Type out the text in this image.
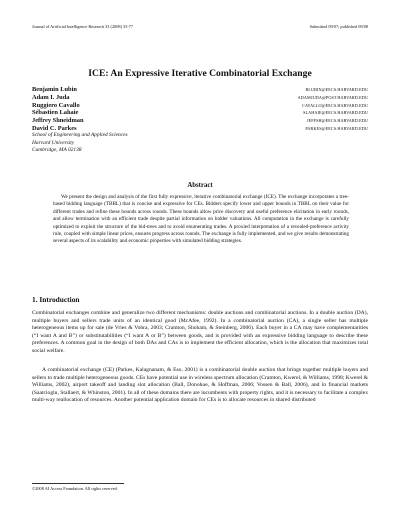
Journal of Artificial Intelligence Research 33 (2008) 33-77	Submitted 09/07; published 09/08
ICE: An Expressive Iterative Combinatorial Exchange
Benjamin Lubin	BLUBIN@EECS.HARVARD.EDU
Adam I. Juda	ADAMJUDA@POST.HARVARD.EDU
Ruggiero Cavallo	CAVALLO@EECS.HARVARD.EDU
Sébastien Lahaie	SLAHAIE@EECS.HARVARD.EDU
Jeffrey Shneidman	JEFFSH@EECS.HARVARD.EDU
David C. Parkes	PARKES@EECS.HARVARD.EDU
School of Engineering and Applied Sciences
Harvard University
Cambridge, MA 02138
Abstract
We present the design and analysis of the first fully expressive, iterative combinatorial exchange (ICE). The exchange incorporates a tree-based bidding language (TBBL) that is concise and expressive for CEs. Bidders specify lower and upper bounds in TBBL on their value for different trades and refine these bounds across rounds. These bounds allow price discovery and useful preference elicitation in early rounds, and allow termination with an efficient trade despite partial information on bidder valuations. All computation in the exchange is carefully optimized to exploit the structure of the bid-trees and to avoid enumerating trades. A proxied interpretation of a revealed-preference activity rule, coupled with simple linear prices, ensures progress across rounds. The exchange is fully implemented, and we give results demonstrating several aspects of its scalability and economic properties with simulated bidding strategies.
1. Introduction
Combinatorial exchanges combine and generalize two different mechanisms: double auctions and combinatorial auctions. In a double auction (DA), multiple buyers and sellers trade units of an identical good (McAfee, 1992). In a combinatorial auction (CA), a single seller has multiple heterogeneous items up for sale (de Vries & Vohra, 2003; Cramton, Shoham, & Steinberg, 2006). Each buyer in a CA may have complementarities (“I want A and B”) or substitutabilities (“I want A or B”) between goods, and is provided with an expressive bidding language to describe these preferences. A common goal in the design of both DAs and CAs is to implement the efficient allocation, which is the allocation that maximizes total social welfare.
A combinatorial exchange (CE) (Parkes, Kalagnanam, & Eso, 2001) is a combinatorial double auction that brings together multiple buyers and sellers to trade multiple heterogeneous goods. CEs have potential use in wireless spectrum allocation (Cramton, Kwerel, & Williams, 1998; Kwerel & Williams, 2002), airport takeoff and landing slot allocation (Ball, Donohue, & Hoffman, 2006; Vossen & Ball, 2006), and in financial markets (Saatcioglu, Stallaert, & Whinston, 2001). In all of these domains there are incumbents with property rights, and it is necessary to facilitate a complex multi-way reallocation of resources. Another potential application domain for CEs is to allocate resources in shared distributed
©2008 AI Access Foundation. All rights reserved.
